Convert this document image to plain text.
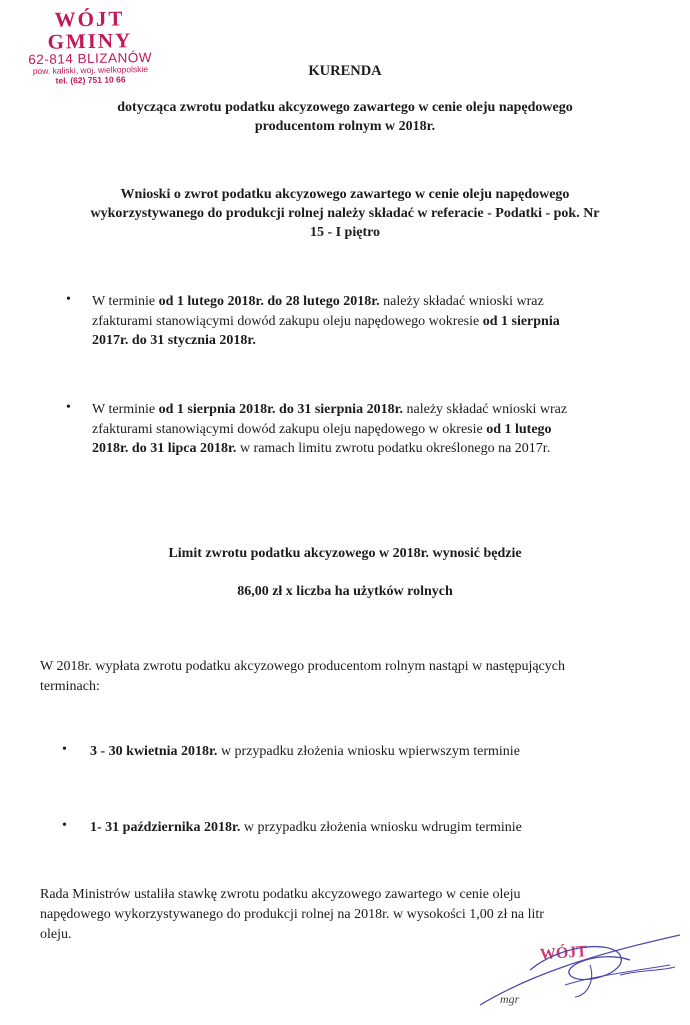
WÓJT GMINY
62-814 BLIZANÓW
pow. kaliski, woj. wielkopolskie
tel. (62) 751 10 66
KURENDA
dotycząca zwrotu podatku akcyzowego zawartego w cenie oleju napędowego
producentom rolnym w 2018r.
Wnioski o zwrot podatku akcyzowego zawartego w cenie oleju napędowego
wykorzystywanego do produkcji rolnej należy składać w referacie - Podatki - pok. Nr
15 - I piętro
• W terminie od 1 lutego 2018r. do 28 lutego 2018r. należy składać wnioski wraz
zfakturami stanowiącymi dowód zakupu oleju napędowego wokresie od 1 sierpnia
2017r. do 31 stycznia 2018r.
• W terminie od 1 sierpnia 2018r. do 31 sierpnia 2018r. należy składać wnioski wraz
zfakturami stanowiącymi dowód zakupu oleju napędowego w okresie od 1 lutego
2018r. do 31 lipca 2018r. w ramach limitu zwrotu podatku określonego na 2017r.
Limit zwrotu podatku akcyzowego w 2018r. wynosić będzie
86,00 zł x liczba ha użytków rolnych
W 2018r. wypłata zwrotu podatku akcyzowego producentom rolnym nastąpi w następujących
terminach:
• 3 - 30 kwietnia 2018r. w przypadku złożenia wniosku wpierwszym terminie
• 1- 31 października 2018r. w przypadku złożenia wniosku wdrugim terminie
Rada Ministrów ustaliła stawkę zwrotu podatku akcyzowego zawartego w cenie oleju
napędowego wykorzystywanego do produkcji rolnej na 2018r. w wysokości 1,00 zł na litr
oleju.
WÓJT
mgr
